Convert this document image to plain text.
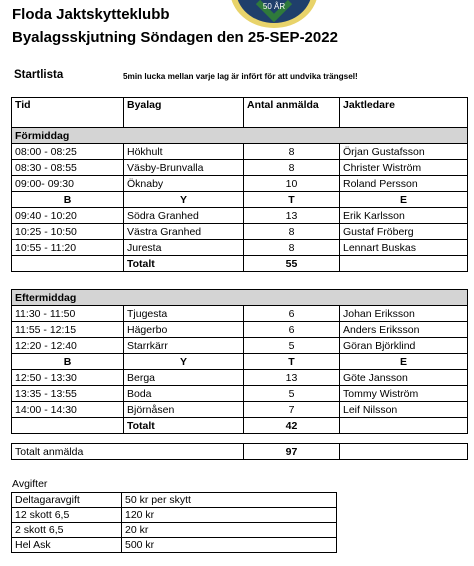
50 ÅR
Floda Jaktskytteklubb
Byalagsskjutning Söndagen den 25-SEP-2022
Startlista	5min lucka mellan varje lag är infört för att undvika trängsel!
Tid	Byalag	Antal anmälda	Jaktledare
Förmiddag			
08:00 - 08:25	Hökhult	8	Örjan Gustafsson
08:30 - 08:55	Väsby-Brunvalla	8	Christer Wiström
09:00- 09:30	Öknaby	10	Roland Persson
B	Y	T	E
09:40 - 10:20	Södra Granhed	13	Erik Karlsson
10:25 - 10:50	Västra Granhed	8	Gustaf Fröberg
10:55 - 11:20	Juresta	8	Lennart Buskas
	Totalt	55	
Eftermiddag			
11:30 - 11:50	Tjugesta	6	Johan Eriksson
11:55 - 12:15	Hägerbo	6	Anders Eriksson
12:20 - 12:40	Starrkärr	5	Göran Björklind
B	Y	T	E
12:50 - 13:30	Berga	13	Göte Jansson
13:35 - 13:55	Boda	5	Tommy Wiström
14:00 - 14:30	Björnåsen	7	Leif Nilsson
	Totalt	42	
Totalt anmälda		97	
Avgifter
Deltagaravgift	50 kr per skytt
12 skott 6,5	120 kr
2 skott 6,5	20 kr
Hel Ask	500 kr
